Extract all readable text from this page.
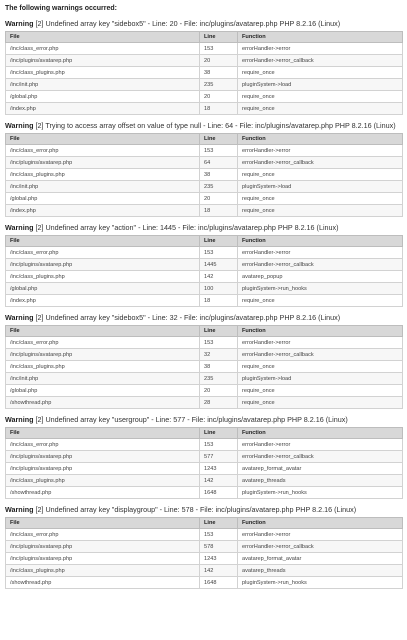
The following warnings occurred:
Warning [2] Undefined array key "sidebox5" - Line: 20 - File: inc/plugins/avatarep.php PHP 8.2.16 (Linux)
File	Line	Function
/inc/class_error.php	153	errorHandler->error
/inc/plugins/avatarep.php	20	errorHandler->error_callback
/inc/class_plugins.php	38	require_once
/inc/init.php	235	pluginSystem->load
/global.php	20	require_once
/index.php	18	require_once
Warning [2] Trying to access array offset on value of type null - Line: 64 - File: inc/plugins/avatarep.php PHP 8.2.16 (Linux)
File	Line	Function
/inc/class_error.php	153	errorHandler->error
/inc/plugins/avatarep.php	64	errorHandler->error_callback
/inc/class_plugins.php	38	require_once
/inc/init.php	235	pluginSystem->load
/global.php	20	require_once
/index.php	18	require_once
Warning [2] Undefined array key "action" - Line: 1445 - File: inc/plugins/avatarep.php PHP 8.2.16 (Linux)
File	Line	Function
/inc/class_error.php	153	errorHandler->error
/inc/plugins/avatarep.php	1445	errorHandler->error_callback
/inc/class_plugins.php	142	avatarep_popup
/global.php	100	pluginSystem->run_hooks
/index.php	18	require_once
Warning [2] Undefined array key "sidebox5" - Line: 32 - File: inc/plugins/avatarep.php PHP 8.2.16 (Linux)
File	Line	Function
/inc/class_error.php	153	errorHandler->error
/inc/plugins/avatarep.php	32	errorHandler->error_callback
/inc/class_plugins.php	38	require_once
/inc/init.php	235	pluginSystem->load
/global.php	20	require_once
/showthread.php	28	require_once
Warning [2] Undefined array key "usergroup" - Line: 577 - File: inc/plugins/avatarep.php PHP 8.2.16 (Linux)
File	Line	Function
/inc/class_error.php	153	errorHandler->error
/inc/plugins/avatarep.php	577	errorHandler->error_callback
/inc/plugins/avatarep.php	1243	avatarep_format_avatar
/inc/class_plugins.php	142	avatarep_threads
/showthread.php	1648	pluginSystem->run_hooks
Warning [2] Undefined array key "displaygroup" - Line: 578 - File: inc/plugins/avatarep.php PHP 8.2.16 (Linux)
File	Line	Function
/inc/class_error.php	153	errorHandler->error
/inc/plugins/avatarep.php	578	errorHandler->error_callback
/inc/plugins/avatarep.php	1243	avatarep_format_avatar
/inc/class_plugins.php	142	avatarep_threads
/showthread.php	1648	pluginSystem->run_hooks
